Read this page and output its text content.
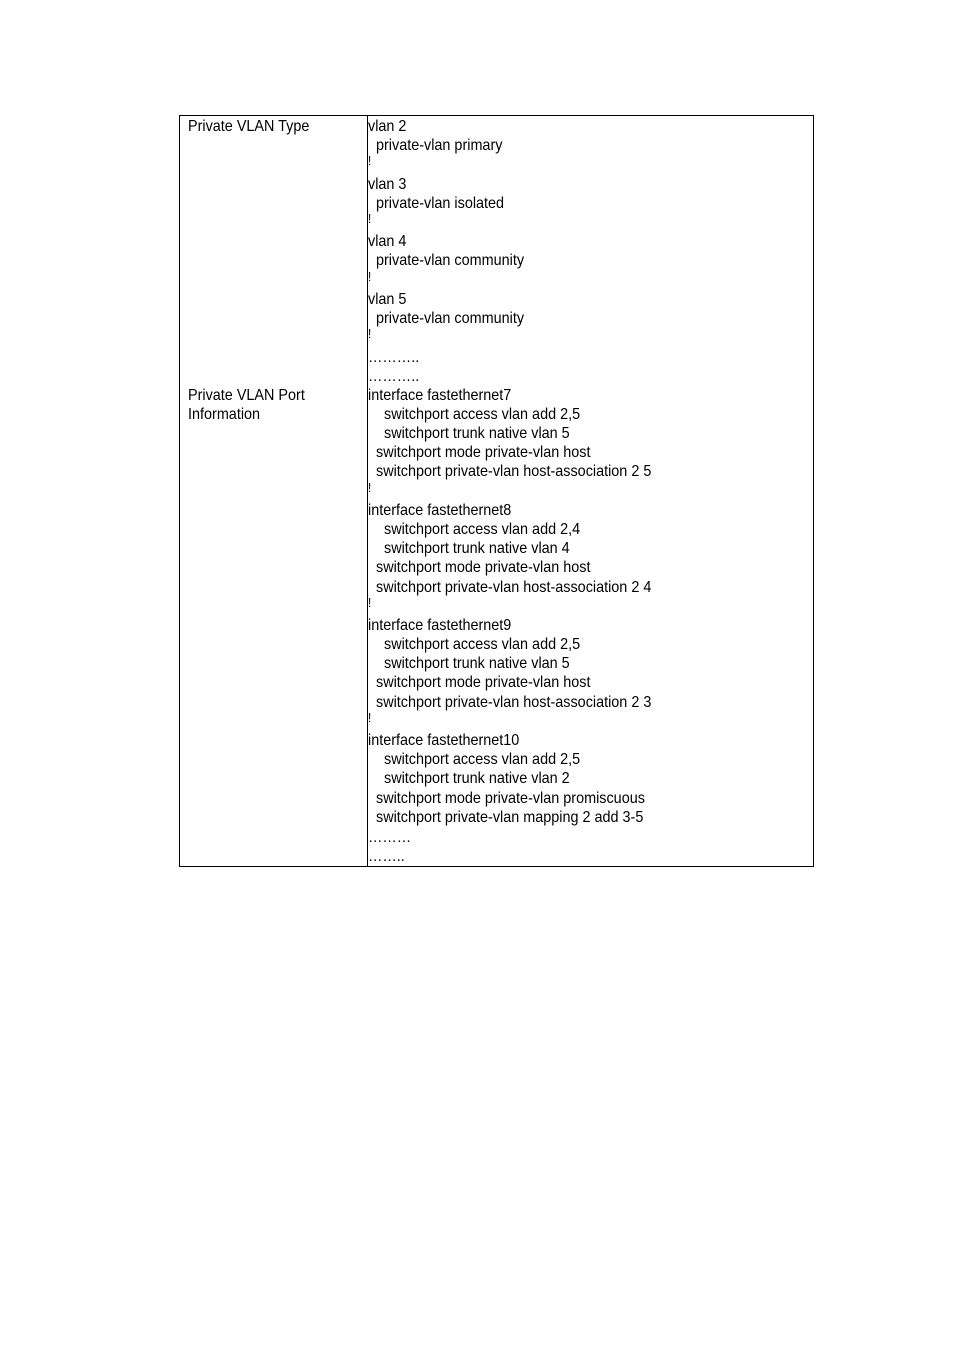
Private VLAN Type
Private VLAN Port
Information
vlan 2
private-vlan primary
!
vlan 3
private-vlan isolated
!
vlan 4
private-vlan community
!
vlan 5
private-vlan community
!
………..
………..
interface fastethernet7
switchport access vlan add 2,5
switchport trunk native vlan 5
switchport mode private-vlan host
switchport private-vlan host-association 2 5
!
interface fastethernet8
switchport access vlan add 2,4
switchport trunk native vlan 4
switchport mode private-vlan host
switchport private-vlan host-association 2 4
!
interface fastethernet9
switchport access vlan add 2,5
switchport trunk native vlan 5
switchport mode private-vlan host
switchport private-vlan host-association 2 3
!
interface fastethernet10
switchport access vlan add 2,5
switchport trunk native vlan 2
switchport mode private-vlan promiscuous
switchport private-vlan mapping 2 add 3-5
………
……..
